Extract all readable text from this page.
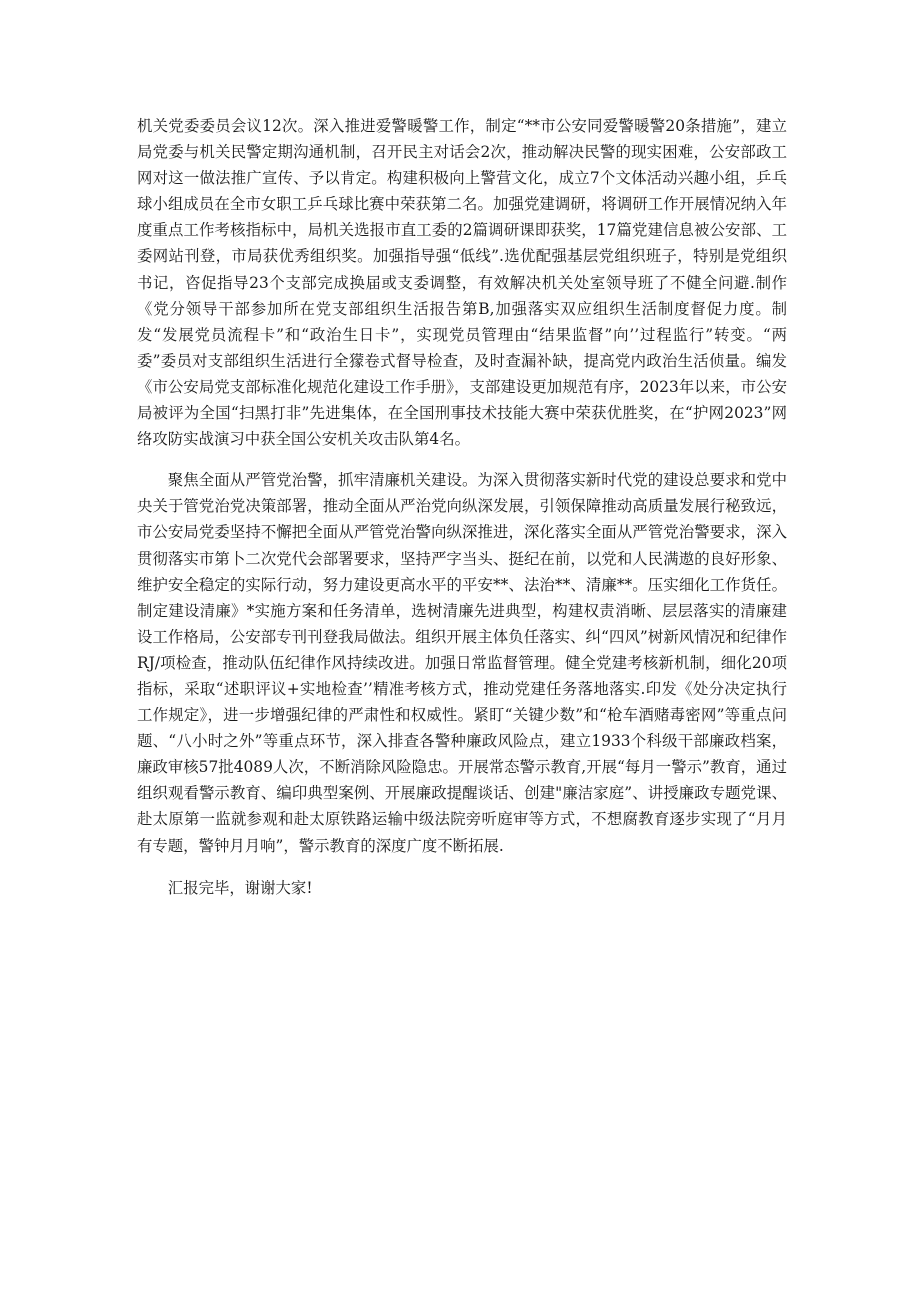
机关党委委员会议12次。深入推进爱警暖警工作，制定“**市公安同爱警暖警20条措施”，建立局党委与机关民警定期沟通机制，召开民主对话会2次，推动解决民警的现实困难，公安部政工网对这一做法推广宣传、予以肯定。构建积极向上警营文化，成立7个文体活动兴趣小组，乒乓球小组成员在全市女职工乒乓球比赛中荣获第二名。加强党建调研，将调研工作开展情况纳入年度重点工作考核指标中，局机关选报市直工委的2篇调研课即获奖，17篇党建信息被公安部、工委网站刊登，市局获优秀组织奖。加强指导强“低线”.选优配强基层党组织班子，特别是党组织书记，咨促指导23个支部完成换届或支委调整，有效解决机关处室领导班了不健全问避.制作《党分领导干部参加所在党支部组织生活报告第B,加强落实双应组织生活制度督促力度。制发“发展党员流程卡”和“政治生日卡”，实现党员管理由“结果监督”向’’过程监行”转变。“两委”委员对支部组织生活进行全獴卷式督导检查，及时查漏补缺，提高党内政治生活侦量。编发《市公安局党支部标准化规范化建设工作手册》，支部建设更加规范有序，2023年以来，市公安局被评为全国“扫黑打非”先进集体，在全国刑事技术技能大赛中荣获优胜奖，在“护网2023”网络攻防实战演习中获全国公安机关攻击队第4名。

聚焦全面从严管党治警，抓牢清廉机关建设。为深入贯彻落实新时代党的建设总要求和党中央关于管党治党决策部署，推动全面从严治党向纵深发展，引领保障推动高质量发展行秘致远，市公安局党委坚持不懈把全面从严管党治警向纵深推进，深化落实全面从严管党治警要求，深入贯彻落实市第卜二次党代会部署要求，坚持严字当头、挺纪在前，以党和人民满遨的良好形象、维护安全稳定的实际行动，努力建设更高水平的平安**、法治**、清廉**。压实细化工作货任。制定建设清廉》*实施方案和任务清单，选树清廉先进典型，构建权责消晰、层层落实的清廉建设工作格局，公安部专刊刊登我局做法。组织开展主体负任落实、纠“四风”树新风情况和纪律作RJ/项检查，推动队伍纪律作风持续改进。加强日常监督管理。健全党建考核新机制，细化20项指标，采取“述职评议+实地检查’’精准考核方式，推动党建任务落地落实.印发《处分决定执行工作规定》，进一步增强纪律的严肃性和权威性。紧盯“关键少数”和“枪车酒赌毒密网”等重点问题、“八小时之外”等重点环节，深入排查各警种廉政风险点，建立1933个科级干部廉政档案，廉政审核57批4089人次，不断消除风险隐忠。开展常态警示教育,开展“每月一警示”教育，通过组织观看警示教育、编印典型案例、开展廉政提醒谈话、创建"廉洁家庭”、讲授廉政专题党课、赴太原第一监就参观和赴太原铁路运输中级法院旁听庭审等方式，不想腐教育逐步实现了“月月有专题，警钟月月响”，警示教育的深度广度不断拓展.

汇报完毕，谢谢大家!
